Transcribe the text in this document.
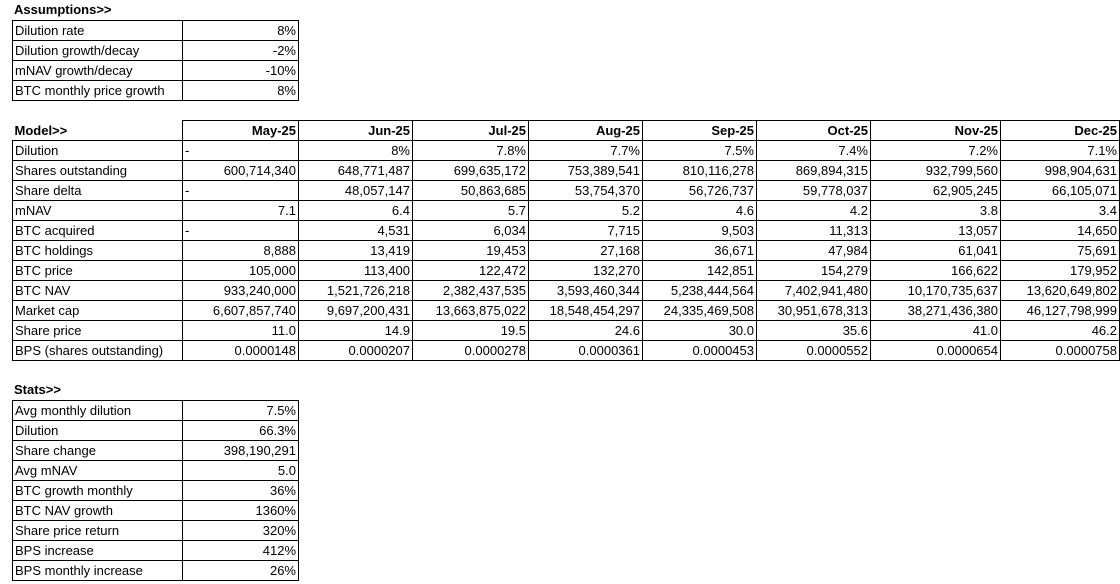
Assumptions>>
Dilution rate	8%
Dilution growth/decay	-2%
mNAV growth/decay	-10%
BTC monthly price growth	8%
Model>>	May-25	Jun-25	Jul-25	Aug-25	Sep-25	Oct-25	Nov-25	Dec-25
Dilution	-	8%	7.8%	7.7%	7.5%	7.4%	7.2%	7.1%
Shares outstanding	600,714,340	648,771,487	699,635,172	753,389,541	810,116,278	869,894,315	932,799,560	998,904,631
Share delta	-	48,057,147	50,863,685	53,754,370	56,726,737	59,778,037	62,905,245	66,105,071
mNAV	7.1	6.4	5.7	5.2	4.6	4.2	3.8	3.4
BTC acquired	-	4,531	6,034	7,715	9,503	11,313	13,057	14,650
BTC holdings	8,888	13,419	19,453	27,168	36,671	47,984	61,041	75,691
BTC price	105,000	113,400	122,472	132,270	142,851	154,279	166,622	179,952
BTC NAV	933,240,000	1,521,726,218	2,382,437,535	3,593,460,344	5,238,444,564	7,402,941,480	10,170,735,637	13,620,649,802
Market cap	6,607,857,740	9,697,200,431	13,663,875,022	18,548,454,297	24,335,469,508	30,951,678,313	38,271,436,380	46,127,798,999
Share price	11.0	14.9	19.5	24.6	30.0	35.6	41.0	46.2
BPS (shares outstanding)	0.0000148	0.0000207	0.0000278	0.0000361	0.0000453	0.0000552	0.0000654	0.0000758
Stats>>
Avg monthly dilution	7.5%
Dilution	66.3%
Share change	398,190,291
Avg mNAV	5.0
BTC growth monthly	36%
BTC NAV growth	1360%
Share price return	320%
BPS increase	412%
BPS monthly increase	26%
